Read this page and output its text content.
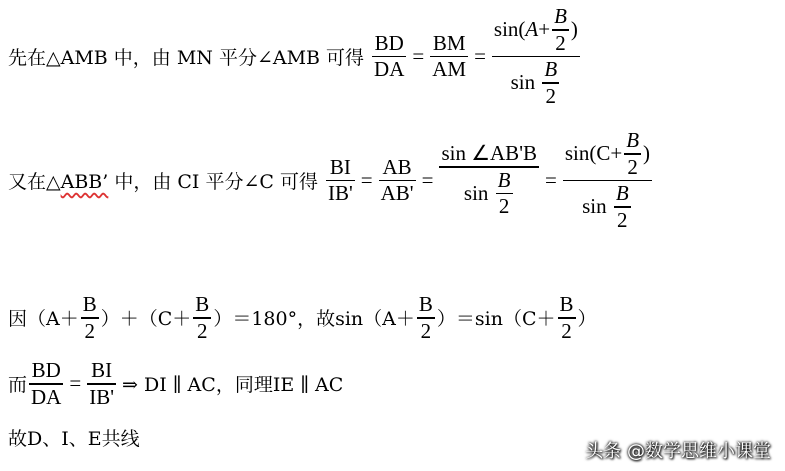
先在△AMB 中，由 MN 平分∠AMB 可得 $\frac{BD}{DA} = \frac{BM}{AM} = \sin$( $A + \frac{B}{2}$ )
sin
$\frac{B}{2}$
又在△ABB’ 中，由 CI 平分∠C 可得 $\frac{BI}{IB'} = \frac{AB}{AB'} = \sin$ ∠AB'B
sin
$\frac{B}{2} = \sin(C + \frac{B}{2}$ )
sin
$\frac{B}{2}$
因$(A+ \frac{B}{2} )+(C+ \frac{B}{2} )=180^\circ$，故 $\sin(A+ \frac{B}{2} )=\sin(C+ \frac{B}{2}$ ）
而 $\frac{BD}{DA} = \frac{BI}{IB'}$ ⇒ DI ∥ AC，同理IE ∥ AC
故D、I、E共线
头条 @数学思维小课堂
